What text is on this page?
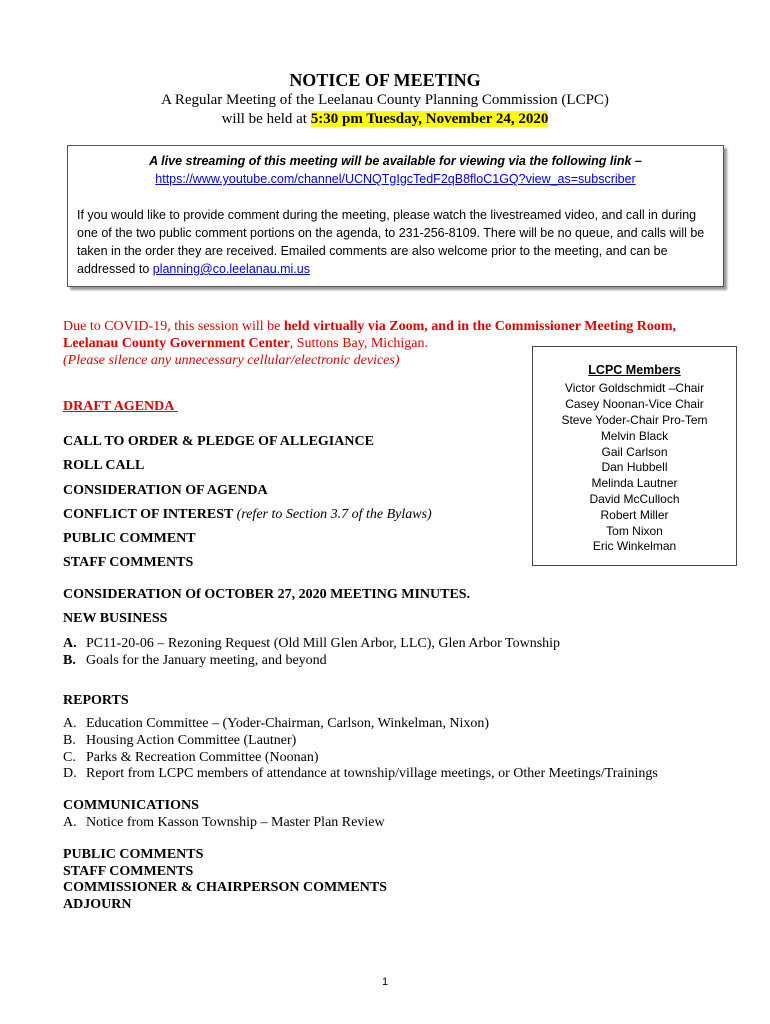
NOTICE OF MEETING
A Regular Meeting of the Leelanau County Planning Commission (LCPC)
will be held at 5:30 pm Tuesday, November 24, 2020
A live streaming of this meeting will be available for viewing via the following link –
https://www.youtube.com/channel/UCNQTgIgcTedF2qB8floC1GQ?view_as=subscriber
If you would like to provide comment during the meeting, please watch the livestreamed video, and call in during one of the two public comment portions on the agenda, to 231-256-8109. There will be no queue, and calls will be taken in the order they are received. Emailed comments are also welcome prior to the meeting, and can be addressed to planning@co.leelanau.mi.us
Due to COVID-19, this session will be held virtually via Zoom, and in the Commissioner Meeting Room, Leelanau County Government Center, Suttons Bay, Michigan.
(Please silence any unnecessary cellular/electronic devices)
LCPC Members
Victor Goldschmidt –Chair
Casey Noonan-Vice Chair
Steve Yoder-Chair Pro-Tem
Melvin Black
Gail Carlson
Dan Hubbell
Melinda Lautner
David McCulloch
Robert Miller
Tom Nixon
Eric Winkelman
DRAFT AGENDA
CALL TO ORDER & PLEDGE OF ALLEGIANCE
ROLL CALL
CONSIDERATION OF AGENDA
CONFLICT OF INTEREST (refer to Section 3.7 of the Bylaws)
PUBLIC COMMENT
STAFF COMMENTS
CONSIDERATION Of OCTOBER 27, 2020 MEETING MINUTES.
NEW BUSINESS
A. PC11-20-06 – Rezoning Request (Old Mill Glen Arbor, LLC), Glen Arbor Township
B. Goals for the January meeting, and beyond
REPORTS
A. Education Committee – (Yoder-Chairman, Carlson, Winkelman, Nixon)
B. Housing Action Committee (Lautner)
C. Parks & Recreation Committee (Noonan)
D. Report from LCPC members of attendance at township/village meetings, or Other Meetings/Trainings
COMMUNICATIONS
A. Notice from Kasson Township – Master Plan Review
PUBLIC COMMENTS
STAFF COMMENTS
COMMISSIONER & CHAIRPERSON COMMENTS
ADJOURN
1
